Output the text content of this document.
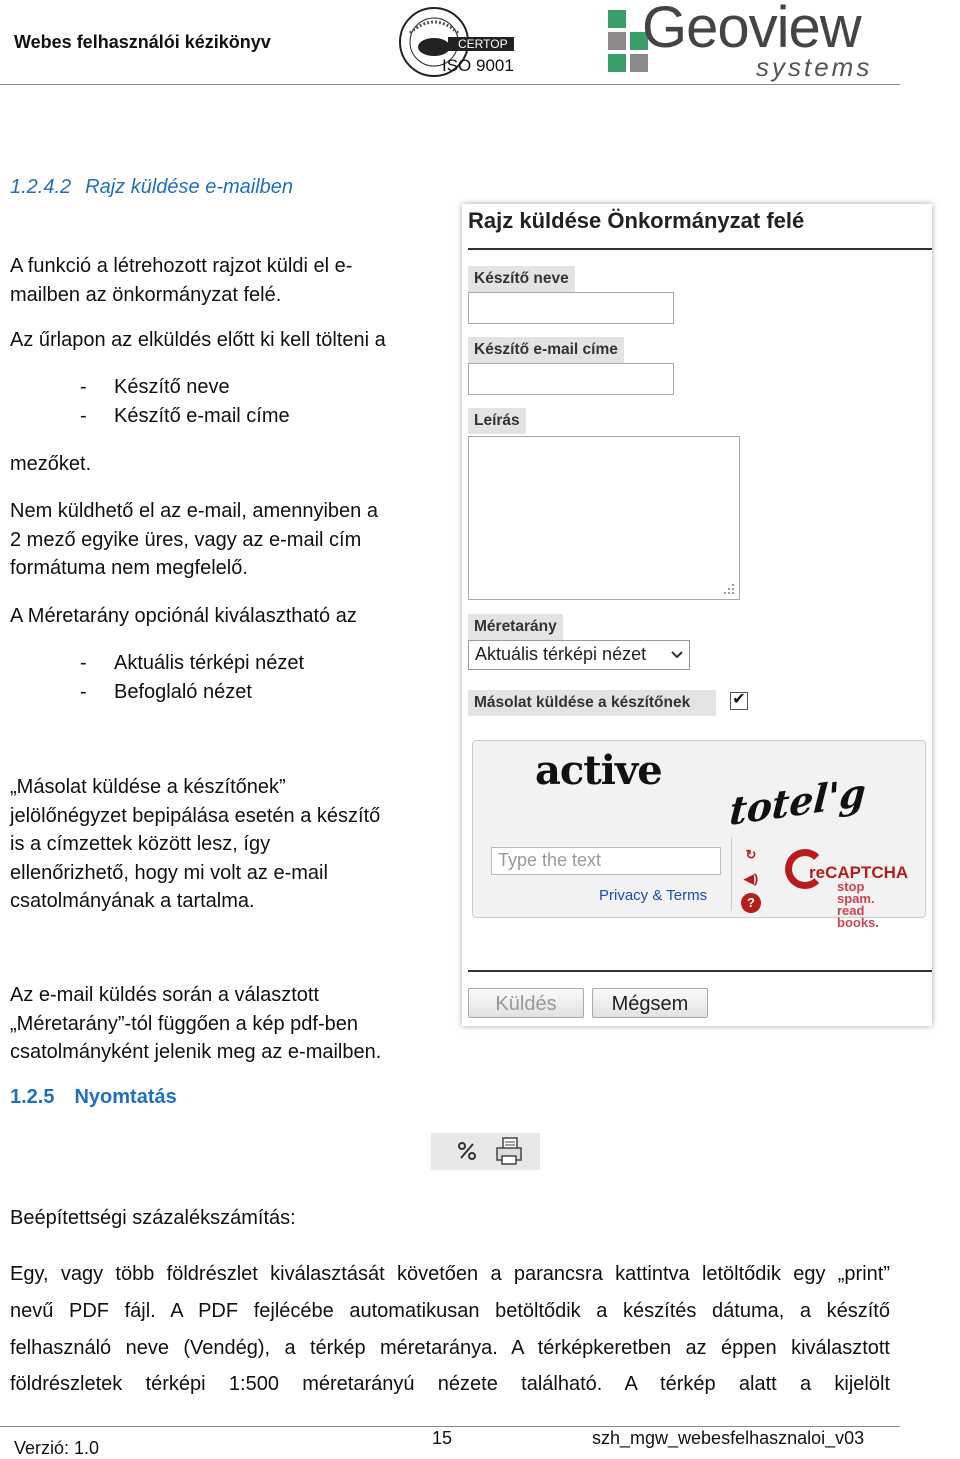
Webes felhasználói kézikönyv	CERTOP
ISO 9001
Geoview
systems
1.2.4.2 Rajz küldése e-mailben
A funkció a létrehozott rajzot küldi el e-
mailben az önkormányzat felé.
Az űrlapon az elküldés előtt ki kell tölteni a
- Készítő neve
- Készítő e-mail címe
mezőket.
Nem küldhető el az e-mail, amennyiben a
2 mező egyike üres, vagy az e-mail cím
formátuma nem megfelelő.
A Méretarány opciónál kiválasztható az
- Aktuális térképi nézet
- Befoglaló nézet
„Másolat küldése a készítőnek”
jelölőnégyzet bepipálása esetén a készítő
is a címzettek között lesz, így
ellenőrizhető, hogy mi volt az e-mail
csatolmányának a tartalma.
Az e-mail küldés során a választott
„Méretarány”-tól függően a kép pdf-ben
csatolmányként jelenik meg az e-mailben.
Rajz küldése Önkormányzat felé
Készítő neve
Készítő e-mail címe
Leírás
Méretarány
Aktuális térképi nézet
Másolat küldése a készítőnek	✔
active totel'g
Type the text
Privacy & Terms
↻
◀)
?
reCAPTCHA
stop spam.
read books.
Küldés	Mégsem
1.2.5 Nyomtatás
Beépítettségi százalékszámítás:
Egy, vagy több földrészlet kiválasztását követően a parancsra kattintva letöltődik egy „print”
nevű PDF fájl. A PDF fejlécébe automatikusan betöltődik a készítés dátuma, a készítő
felhasználó neve (Vendég), a térkép méretaránya. A térképkeretben az éppen kiválasztott
földrészletek térképi 1:500 méretarányú nézete található. A térkép alatt a kijelölt
Verzió: 1.0	15	szh_mgw_webesfelhasznaloi_v03
